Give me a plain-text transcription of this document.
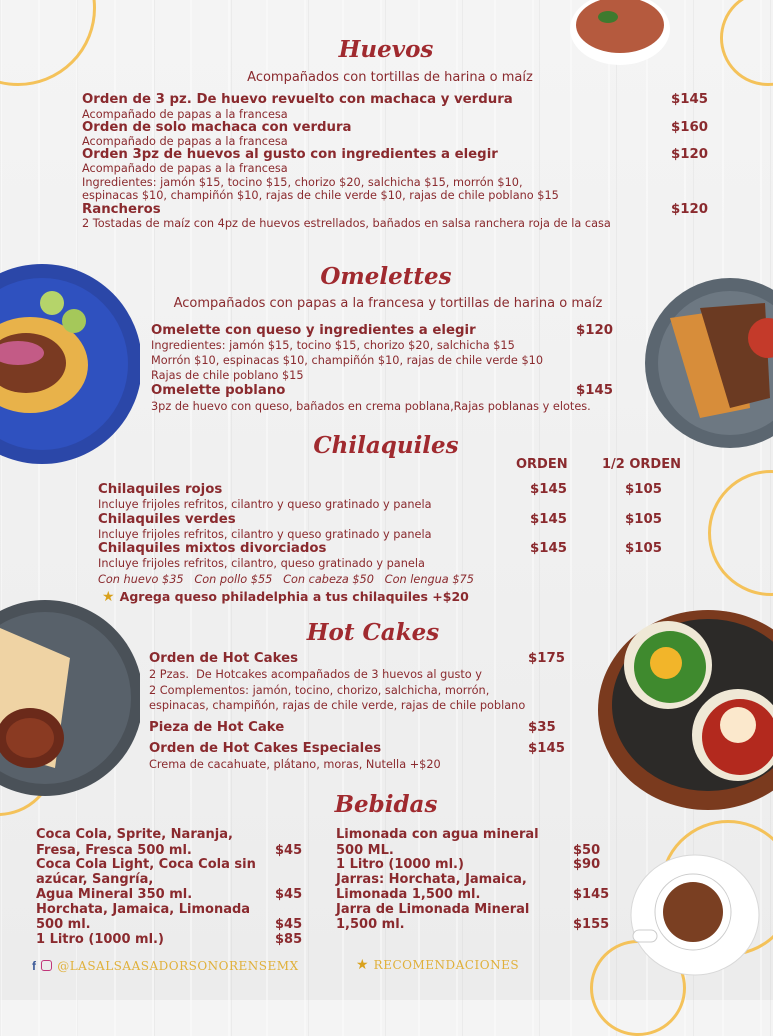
Huevos
Acompañados con tortillas de harina o maíz
Orden de 3 pz. De huevo revuelto con machaca y verdura	$145
Acompañado de papas a la francesa
Orden de solo machaca con verdura	$160
Acompañado de papas a la francesa
Orden 3pz de huevos al gusto con ingredientes a elegir	$120
Acompañado de papas a la francesa
Ingredientes: jamón $15, tocino $15, chorizo $20, salchicha $15, morrón $10,
espinacas $10, champiñón $10, rajas de chile verde $10, rajas de chile poblano $15
Rancheros	$120
2 Tostadas de maíz con 4pz de huevos estrellados, bañados en salsa ranchera roja de la casa
Omelettes
Acompañados con papas a la francesa y tortillas de harina o maíz
Omelette con queso y ingredientes a elegir	$120
Ingredientes: jamón $15, tocino $15, chorizo $20, salchicha $15
Morrón $10, espinacas $10, champiñón $10, rajas de chile verde $10
Rajas de chile poblano $15
Omelette poblano	$145
3pz de huevo con queso, bañados en crema poblana,Rajas poblanas y elotes.
Chilaquiles
ORDEN	1/2 ORDEN
Chilaquiles rojos	$145	$105
Incluye frijoles refritos, cilantro y queso gratinado y panela
Chilaquiles verdes	$145	$105
Incluye frijoles refritos, cilantro y queso gratinado y panela
Chilaquiles mixtos divorciados	$145	$105
Incluye frijoles refritos, cilantro, queso gratinado y panela
Con huevo $35   Con pollo $55   Con cabeza $50   Con lengua $75
★ Agrega queso philadelphia a tus chilaquiles +$20
Hot Cakes
Orden de Hot Cakes	$175
2 Pzas.  De Hotcakes acompañados de 3 huevos al gusto y
2 Complementos: jamón, tocino, chorizo, salchicha, morrón,
espinacas, champiñón, rajas de chile verde, rajas de chile poblano
Pieza de Hot Cake	$35
Orden de Hot Cakes Especiales	$145
Crema de cacahuate, plátano, moras, Nutella +$20
Bebidas
Coca Cola, Sprite, Naranja,
Fresa, Fresca 500 ml.	$45
Coca Cola Light, Coca Cola sin
azúcar, Sangría,
Agua Mineral 350 ml.	$45
Horchata, Jamaica, Limonada
500 ml.	$45
1 Litro (1000 ml.)	$85
Limonada con agua mineral
500 ML.	$50
1 Litro (1000 ml.)	$90
Jarras: Horchata, Jamaica,
Limonada 1,500 ml.	$145
Jarra de Limonada Mineral
1,500 ml.	$155
f @LASALSAASADORSONORENSEMX	★ RECOMENDACIONES
